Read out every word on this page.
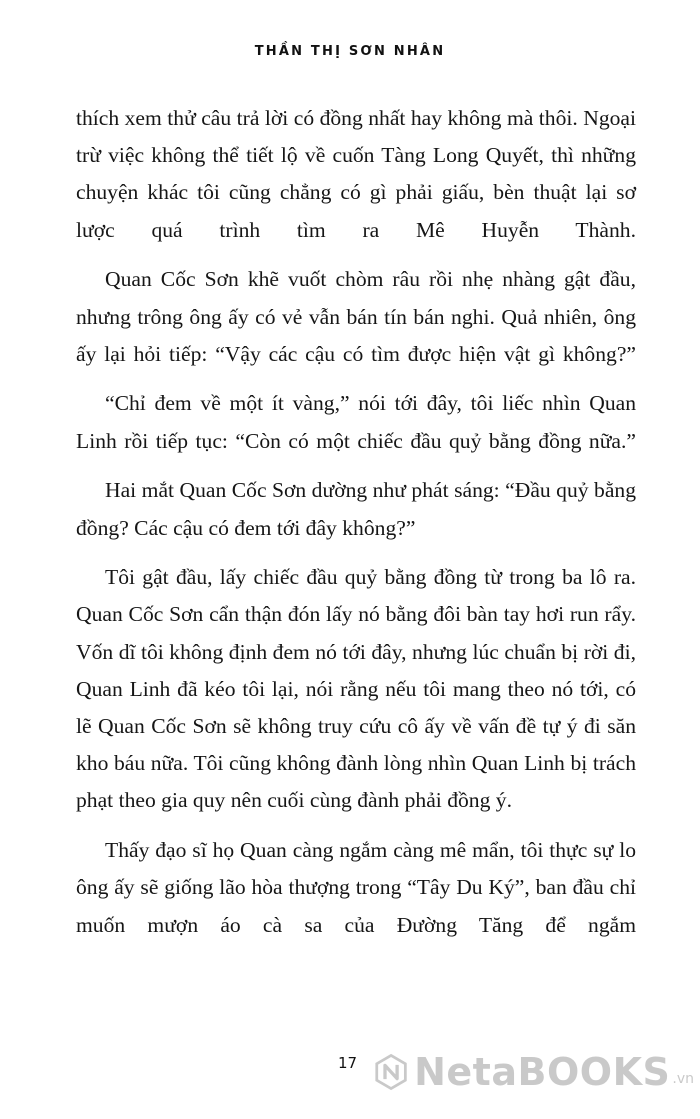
THẦN THỊ SƠN NHÂN

thích xem thử câu trả lời có đồng nhất hay không mà thôi. Ngoại trừ việc không thể tiết lộ về cuốn Tàng Long Quyết, thì những chuyện khác tôi cũng chẳng có gì phải giấu, bèn thuật lại sơ lược quá trình tìm ra Mê Huyễn Thành.

Quan Cốc Sơn khẽ vuốt chòm râu rồi nhẹ nhàng gật đầu, nhưng trông ông ấy có vẻ vẫn bán tín bán nghi. Quả nhiên, ông ấy lại hỏi tiếp: “Vậy các cậu có tìm được hiện vật gì không?”

“Chỉ đem về một ít vàng,” nói tới đây, tôi liếc nhìn Quan Linh rồi tiếp tục: “Còn có một chiếc đầu quỷ bằng đồng nữa.”

Hai mắt Quan Cốc Sơn dường như phát sáng: “Đầu quỷ bằng đồng? Các cậu có đem tới đây không?”

Tôi gật đầu, lấy chiếc đầu quỷ bằng đồng từ trong ba lô ra. Quan Cốc Sơn cẩn thận đón lấy nó bằng đôi bàn tay hơi run rẩy. Vốn dĩ tôi không định đem nó tới đây, nhưng lúc chuẩn bị rời đi, Quan Linh đã kéo tôi lại, nói rằng nếu tôi mang theo nó tới, có lẽ Quan Cốc Sơn sẽ không truy cứu cô ấy về vấn đề tự ý đi săn kho báu nữa. Tôi cũng không đành lòng nhìn Quan Linh bị trách phạt theo gia quy nên cuối cùng đành phải đồng ý.

Thấy đạo sĩ họ Quan càng ngắm càng mê mẩn, tôi thực sự lo ông ấy sẽ giống lão hòa thượng trong “Tây Du Ký”, ban đầu chỉ muốn mượn áo cà sa của Đường Tăng để ngắm

17 NetaBOOKS .vn
